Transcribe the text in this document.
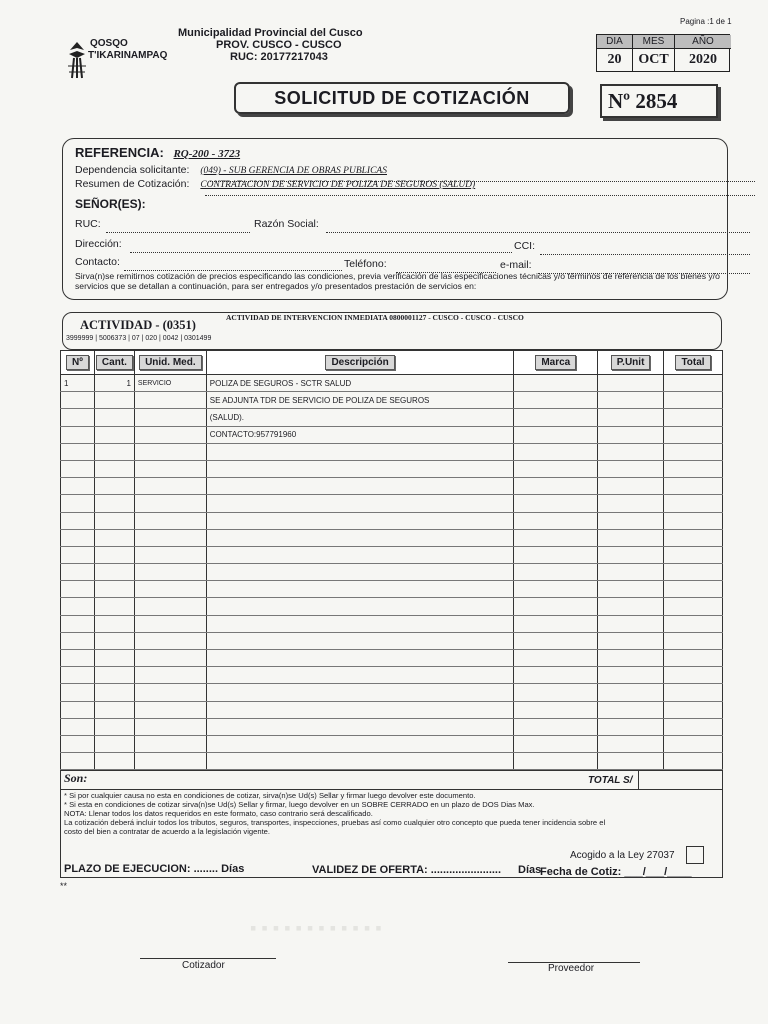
Pagina :1 de 1
QOSQO
T'IKARINAMPAQ
Municipalidad Provincial del Cusco
PROV. CUSCO - CUSCO
RUC: 20177217043
DIA	MES	AÑO
20	OCT	2020
SOLICITUD DE COTIZACIÓN	Nº 2854
REFERENCIA: RQ-200 - 3723
Dependencia solicitante: (049) - SUB GERENCIA DE OBRAS PUBLICAS
Resumen de Cotización: CONTRATACION DE SERVICIO DE POLIZA DE SEGUROS (SALUD)
SEÑOR(ES):
RUC:	Razón Social:
Dirección:	CCI:
Contacto:	Teléfono:	e-mail:
Sirva(n)se remitirnos cotización de precios especificando las condiciones, previa verificación de las especificaciones técnicas y/o términos de referencia de los bienes y/o servicios que se detallan a continuación, para ser entregados y/o presentados prestación de servicios en:
ACTIVIDAD - (0351)
ACTIVIDAD DE INTERVENCION INMEDIATA 0800001127 - CUSCO - CUSCO - CUSCO
3999999 | 5006373 | 07 | 020 | 0042 | 0301499
Nº	Cant.	Unid. Med.	Descripción	Marca	P.Unit	Total
1	1	SERVICIO	POLIZA DE SEGUROS - SCTR SALUD			
			SE ADJUNTA TDR DE SERVICIO DE POLIZA DE SEGUROS			
			(SALUD).			
			CONTACTO:957791960			

Son:	TOTAL S/
* Si por cualquier causa no esta en condiciones de cotizar, sirva(n)se Ud(s) Sellar y firmar luego devolver este documento.
* Si esta en condiciones de cotizar sirva(n)se Ud(s) Sellar y firmar, luego devolver en un SOBRE CERRADO en un plazo de DOS Dias Max.
NOTA: Llenar todos los datos requeridos en este formato, caso contrario será descalificado.
La cotización deberá incluir todos los tributos, seguros, transportes, inspecciones, pruebas así como cualquier otro concepto que pueda tener incidencia sobre el
costo del bien a contratar de acuerdo a la legislación vigente.
Acogido a la Ley 27037
PLAZO DE EJECUCION: ........ Días	VALIDEZ DE OFERTA: ....................... Días
Fecha de Cotiz: ___/___/____
**
▪ ▪ ▪ ▪ ▪ ▪ ▪ ▪ ▪ ▪ ▪ ▪
Cotizador	Proveedor
